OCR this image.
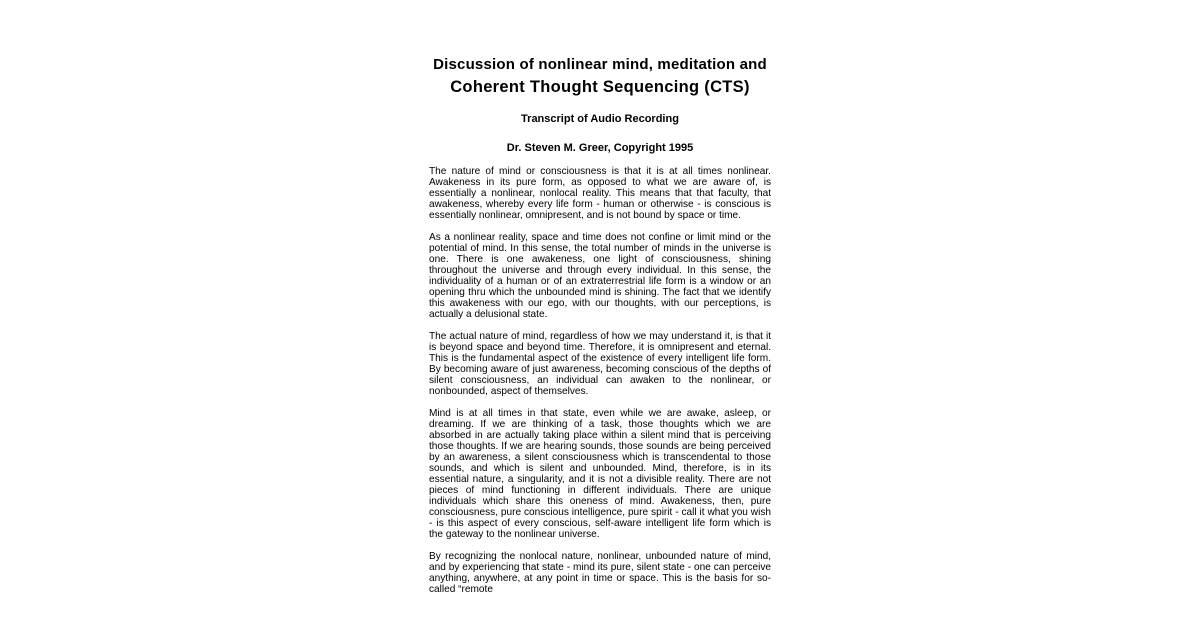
Discussion of nonlinear mind, meditation and
Coherent Thought Sequencing (CTS)
Transcript of Audio Recording
Dr. Steven M. Greer, Copyright 1995

The nature of mind or consciousness is that it is at all times nonlinear. Awakeness in its pure form, as opposed to what we are aware of, is essentially a nonlinear, nonlocal reality. This means that that faculty, that awakeness, whereby every life form - human or otherwise - is conscious is essentially nonlinear, omnipresent, and is not bound by space or time.

As a nonlinear reality, space and time does not confine or limit mind or the potential of mind. In this sense, the total number of minds in the universe is one. There is one awakeness, one light of consciousness, shining throughout the universe and through every individual. In this sense, the individuality of a human or of an extraterrestrial life form is a window or an opening thru which the unbounded mind is shining. The fact that we identify this awakeness with our ego, with our thoughts, with our perceptions, is actually a delusional state.

The actual nature of mind, regardless of how we may understand it, is that it is beyond space and beyond time. Therefore, it is omnipresent and eternal. This is the fundamental aspect of the existence of every intelligent life form. By becoming aware of just awareness, becoming conscious of the depths of silent consciousness, an individual can awaken to the nonlinear, or nonbounded, aspect of themselves.

Mind is at all times in that state, even while we are awake, asleep, or dreaming. If we are thinking of a task, those thoughts which we are absorbed in are actually taking place within a silent mind that is perceiving those thoughts. If we are hearing sounds, those sounds are being perceived by an awareness, a silent consciousness which is transcendental to those sounds, and which is silent and unbounded. Mind, therefore, is in its essential nature, a singularity, and it is not a divisible reality. There are not pieces of mind functioning in different individuals. There are unique individuals which share this oneness of mind. Awakeness, then, pure consciousness, pure conscious intelligence, pure spirit - call it what you wish - is this aspect of every conscious, self-aware intelligent life form which is the gateway to the nonlinear universe.

By recognizing the nonlocal nature, nonlinear, unbounded nature of mind, and by experiencing that state - mind its pure, silent state - one can perceive anything, anywhere, at any point in time or space. This is the basis for so-called “remote
